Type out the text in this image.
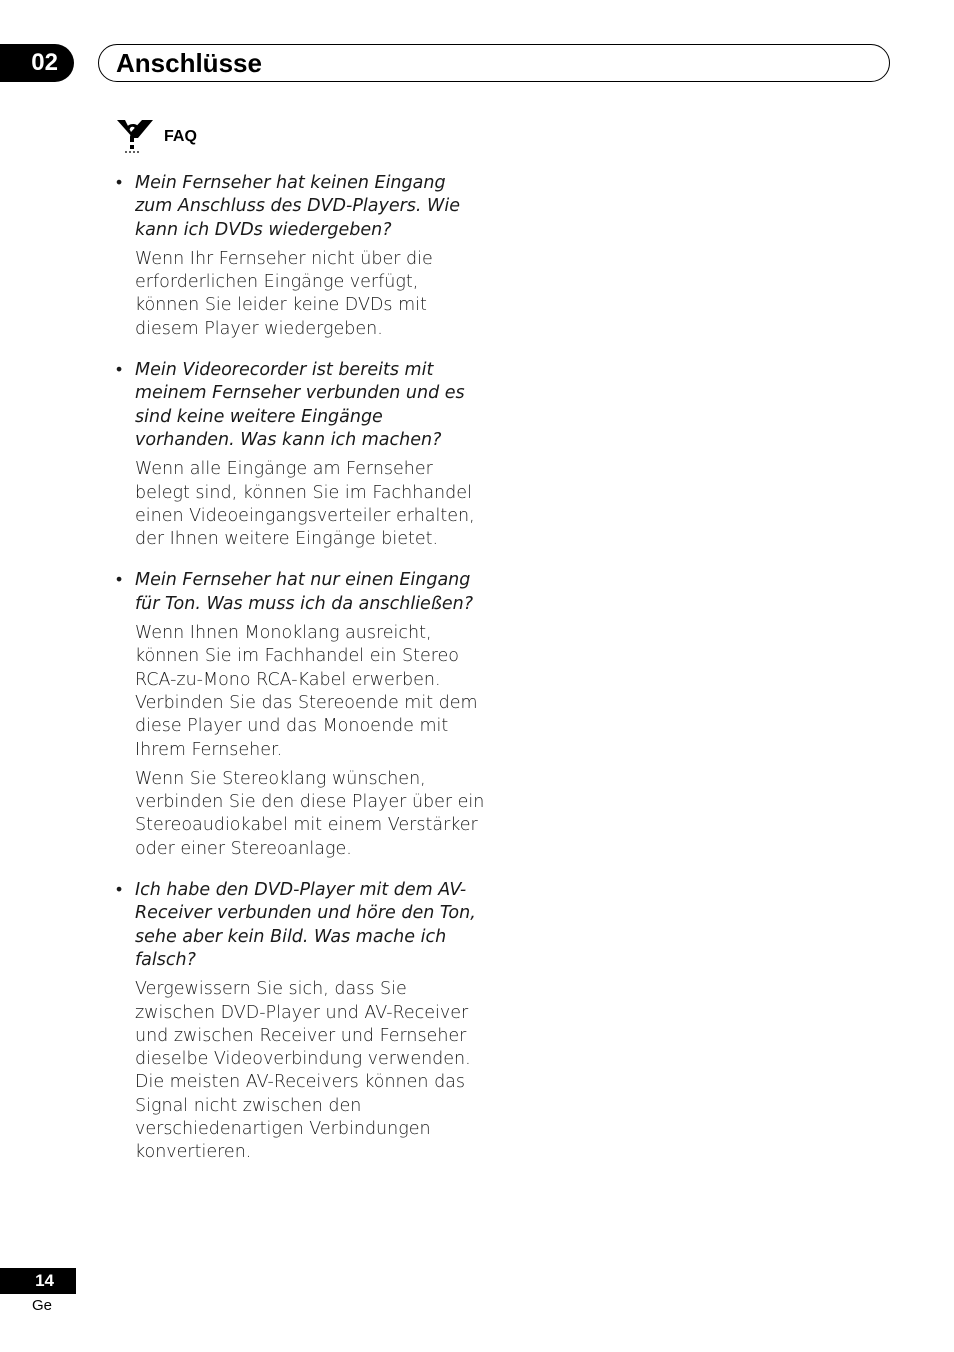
02	Anschlüsse
FAQ
• Mein Fernseher hat keinen Eingang zum Anschluss des DVD-Players. Wie kann ich DVDs wiedergeben?

Wenn Ihr Fernseher nicht über die erforderlichen Eingänge verfügt, können Sie leider keine DVDs mit diesem Player wiedergeben.

• Mein Videorecorder ist bereits mit meinem Fernseher verbunden und es sind keine weitere Eingänge vorhanden. Was kann ich machen?

Wenn alle Eingänge am Fernseher belegt sind, können Sie im Fachhandel einen Videoeingangsverteiler erhalten, der Ihnen weitere Eingänge bietet.

• Mein Fernseher hat nur einen Eingang für Ton. Was muss ich da anschließen?

Wenn Ihnen Monoklang ausreicht, können Sie im Fachhandel ein Stereo RCA-zu-Mono RCA-Kabel erwerben. Verbinden Sie das Stereoende mit dem diese Player und das Monoende mit Ihrem Fernseher.

Wenn Sie Stereoklang wünschen, verbinden Sie den diese Player über ein Stereoaudiokabel mit einem Verstärker oder einer Stereoanlage.

• Ich habe den DVD-Player mit dem AV-Receiver verbunden und höre den Ton, sehe aber kein Bild. Was mache ich falsch?

Vergewissern Sie sich, dass Sie zwischen DVD-Player und AV-Receiver und zwischen Receiver und Fernseher dieselbe Videoverbindung verwenden. Die meisten AV-Receivers können das Signal nicht zwischen den verschiedenartigen Verbindungen konvertieren.

14
Ge
